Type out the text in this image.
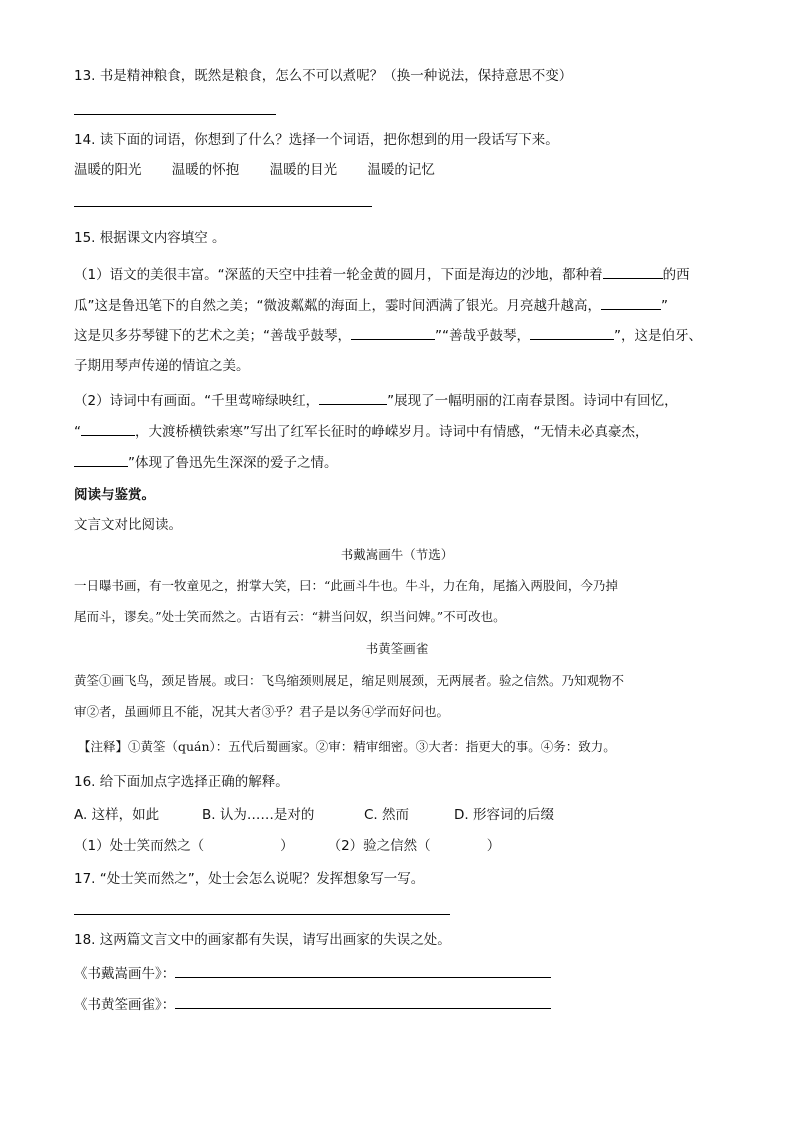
13. 书是精神粮食，既然是粮食，怎么不可以煮呢？（换一种说法，保持意思不变）
14. 读下面的词语，你想到了什么？选择一个词语，把你想到的用一段话写下来。
温暖的阳光 温暖的怀抱 温暖的目光 温暖的记忆
15. 根据课文内容填空 。
（1）语文的美很丰富。“深蓝的天空中挂着一轮金黄的圆月，下面是海边的沙地，都种着	的西
瓜”这是鲁迅笔下的自然之美；“微波粼粼的海面上，霎时间洒满了银光。月亮越升越高，	”
这是贝多芬琴键下的艺术之美；“善哉乎鼓琴，	”“善哉乎鼓琴，	”，这是伯牙、
子期用琴声传递的情谊之美。
（2）诗词中有画面。“千里莺啼绿映红，	”展现了一幅明丽的江南春景图。诗词中有回忆，
“	，大渡桥横铁索寒”写出了红军长征时的峥嵘岁月。诗词中有情感，“无情未必真豪杰，
”体现了鲁迅先生深深的爱子之情。
阅读与鉴赏。
文言文对比阅读。
书戴嵩画牛（节选）
一日曝书画，有一牧童见之，拊掌大笑，曰：“此画斗牛也。牛斗，力在角，尾搐入两股间，今乃掉
尾而斗，谬矣。”处士笑而然之。古语有云：“耕当问奴，织当问婢。”不可改也。
书黄筌画雀
黄筌①画飞鸟，颈足皆展。或曰：飞鸟缩颈则展足，缩足则展颈，无两展者。验之信然。乃知观物不
审②者，虽画师且不能，况其大者③乎？君子是以务④学而好问也。
【注释】①黄筌（quán）：五代后蜀画家。②审：精审细密。③大者：指更大的事。④务：致力。
16. 给下面加点字选择正确的解释。
A. 这样，如此	B. 认为……是对的	C. 然而	D. 形容词的后缀
（1）处士笑而然之（	）	（2）验之信然（	）
17. “处士笑而然之”，处士会怎么说呢？发挥想象写一写。
18. 这两篇文言文中的画家都有失误，请写出画家的失误之处。
《书戴嵩画牛》：
《书黄筌画雀》：
